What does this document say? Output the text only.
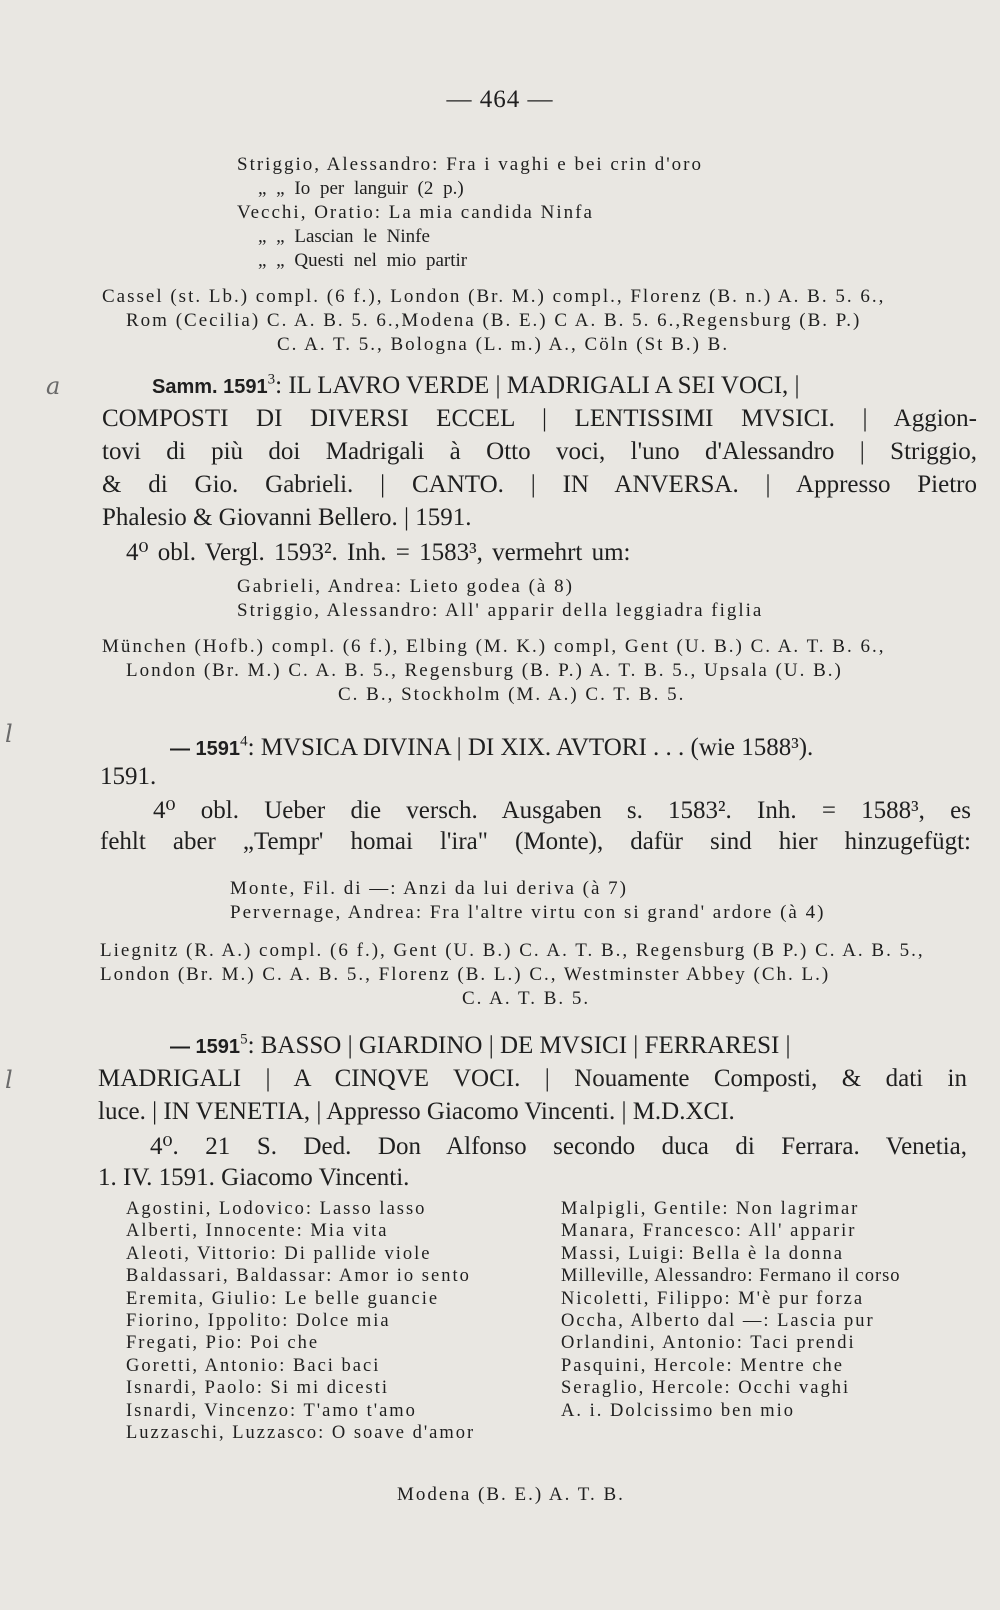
— 464 —
a
l
l
Striggio, Alessandro: Fra i vaghi e bei crin d'oro
„ „ Io per languir (2 p.)
Vecchi, Oratio: La mia candida Ninfa
„ „ Lascian le Ninfe
„ „ Questi nel mio partir
Cassel (st. Lb.) compl. (6 f.), London (Br. M.) compl., Florenz (B. n.) A. B. 5. 6.,
Rom (Cecilia) C. A. B. 5. 6.,Modena (B. E.) C A. B. 5. 6.,Regensburg (B. P.)
C. A. T. 5., Bologna (L. m.) A., Cöln (St B.) B.
Samm. 1591$^3$: IL LAVRO VERDE | MADRIGALI A SEI VOCI, |
COMPOSTI DI DIVERSI ECCEL | LENTISSIMI MVSICI. | Aggion-
tovi di più doi Madrigali à Otto voci, l'uno d'Alessandro | Striggio,
& di Gio. Gabrieli. | CANTO. | IN ANVERSA. | Appresso Pietro
Phalesio & Giovanni Bellero. | 1591.
4⁰ obl. Vergl. 1593². Inh. = 1583³, vermehrt um:
Gabrieli, Andrea: Lieto godea (à 8)
Striggio, Alessandro: All' apparir della leggiadra figlia
München (Hofb.) compl. (6 f.), Elbing (M. K.) compl, Gent (U. B.) C. A. T. B. 6.,
London (Br. M.) C. A. B. 5., Regensburg (B. P.) A. T. B. 5., Upsala (U. B.)
C. B., Stockholm (M. A.) C. T. B. 5.
— 1591$^4$: MVSICA DIVINA | DI XIX. AVTORI . . . (wie 1588³).
1591.
4⁰ obl. Ueber die versch. Ausgaben s. 1583². Inh. = 1588³, es
fehlt aber „Tempr' homai l'ira" (Monte), dafür sind hier hinzugefügt:
Monte, Fil. di —: Anzi da lui deriva (à 7)
Pervernage, Andrea: Fra l'altre virtu con si grand' ardore (à 4)
Liegnitz (R. A.) compl. (6 f.), Gent (U. B.) C. A. T. B., Regensburg (B P.) C. A. B. 5.,
London (Br. M.) C. A. B. 5., Florenz (B. L.) C., Westminster Abbey (Ch. L.)
C. A. T. B. 5.
— 1591$^5$: BASSO | GIARDINO | DE MVSICI | FERRARESI |
MADRIGALI | A CINQVE VOCI. | Nouamente Composti, & dati in
luce. | IN VENETIA, | Appresso Giacomo Vincenti. | M.D.XCI.
4⁰. 21 S. Ded. Don Alfonso secondo duca di Ferrara. Venetia,
1. IV. 1591. Giacomo Vincenti.
Agostini, Lodovico: Lasso lasso
Alberti, Innocente: Mia vita
Aleoti, Vittorio: Di pallide viole
Baldassari, Baldassar: Amor io sento
Eremita, Giulio: Le belle guancie
Fiorino, Ippolito: Dolce mia
Fregati, Pio: Poi che
Goretti, Antonio: Baci baci
Isnardi, Paolo: Si mi dicesti
Isnardi, Vincenzo: T'amo t'amo
Luzzaschi, Luzzasco: O soave d'amor
Malpigli, Gentile: Non lagrimar
Manara, Francesco: All' apparir
Massi, Luigi: Bella è la donna
Milleville, Alessandro: Fermano il corso
Nicoletti, Filippo: M'è pur forza
Occha, Alberto dal —: Lascia pur
Orlandini, Antonio: Taci prendi
Pasquini, Hercole: Mentre che
Seraglio, Hercole: Occhi vaghi
A. i. Dolcissimo ben mio
Modena (B. E.) A. T. B.
